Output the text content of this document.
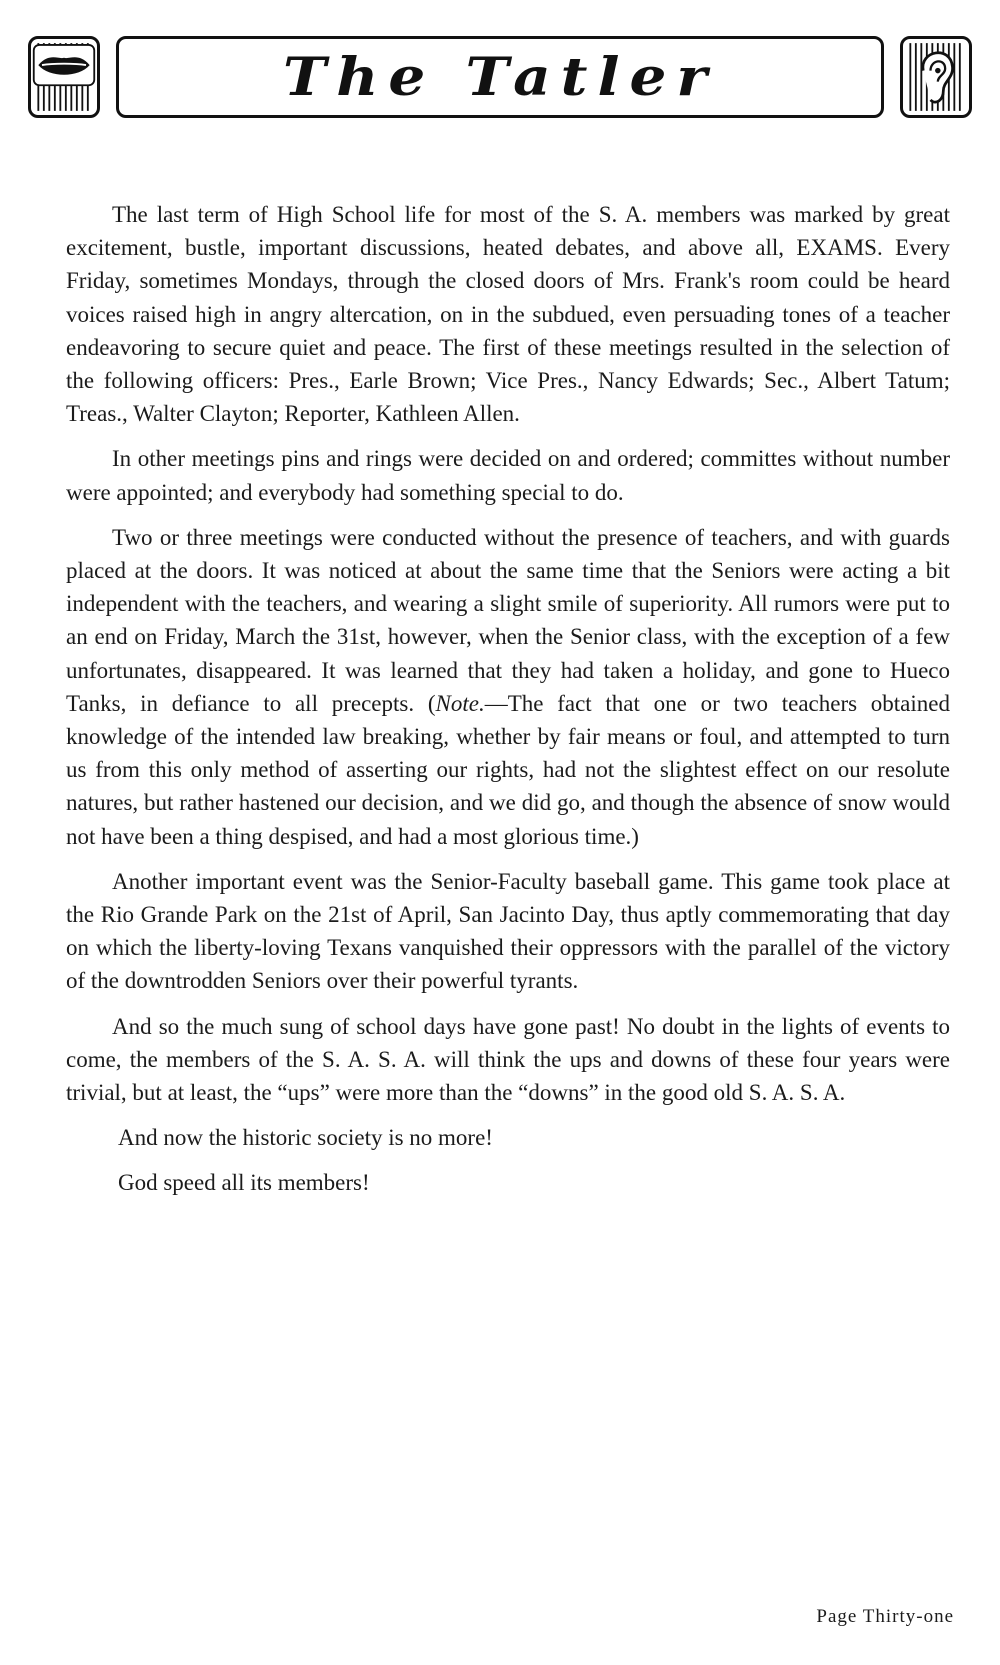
The Tatler

The last term of High School life for most of the S. A. members was marked by great excitement, bustle, important discussions, heated debates, and above all, EXAMS. Every Friday, sometimes Mondays, through the closed doors of Mrs. Frank's room could be heard voices raised high in angry altercation, on in the subdued, even persuading tones of a teacher endeavoring to secure quiet and peace. The first of these meetings resulted in the selection of the following officers: Pres., Earle Brown; Vice Pres., Nancy Edwards; Sec., Albert Tatum; Treas., Walter Clayton; Reporter, Kathleen Allen.

In other meetings pins and rings were decided on and ordered; committes without number were appointed; and everybody had something special to do.

Two or three meetings were conducted without the presence of teachers, and with guards placed at the doors. It was noticed at about the same time that the Seniors were acting a bit independent with the teachers, and wearing a slight smile of superiority. All rumors were put to an end on Friday, March the 31st, however, when the Senior class, with the exception of a few unfortunates, disappeared. It was learned that they had taken a holiday, and gone to Hueco Tanks, in defiance to all precepts. (Note.—The fact that one or two teachers obtained knowledge of the intended law breaking, whether by fair means or foul, and attempted to turn us from this only method of asserting our rights, had not the slightest effect on our resolute natures, but rather hastened our decision, and we did go, and though the absence of snow would not have been a thing despised, and had a most glorious time.)

Another important event was the Senior-Faculty baseball game. This game took place at the Rio Grande Park on the 21st of April, San Jacinto Day, thus aptly commemorating that day on which the liberty-loving Texans vanquished their oppressors with the parallel of the victory of the downtrodden Seniors over their powerful tyrants.

And so the much sung of school days have gone past! No doubt in the lights of events to come, the members of the S. A. S. A. will think the ups and downs of these four years were trivial, but at least, the “ups” were more than the “downs” in the good old S. A. S. A.

And now the historic society is no more!

God speed all its members!

Page Thirty-one
